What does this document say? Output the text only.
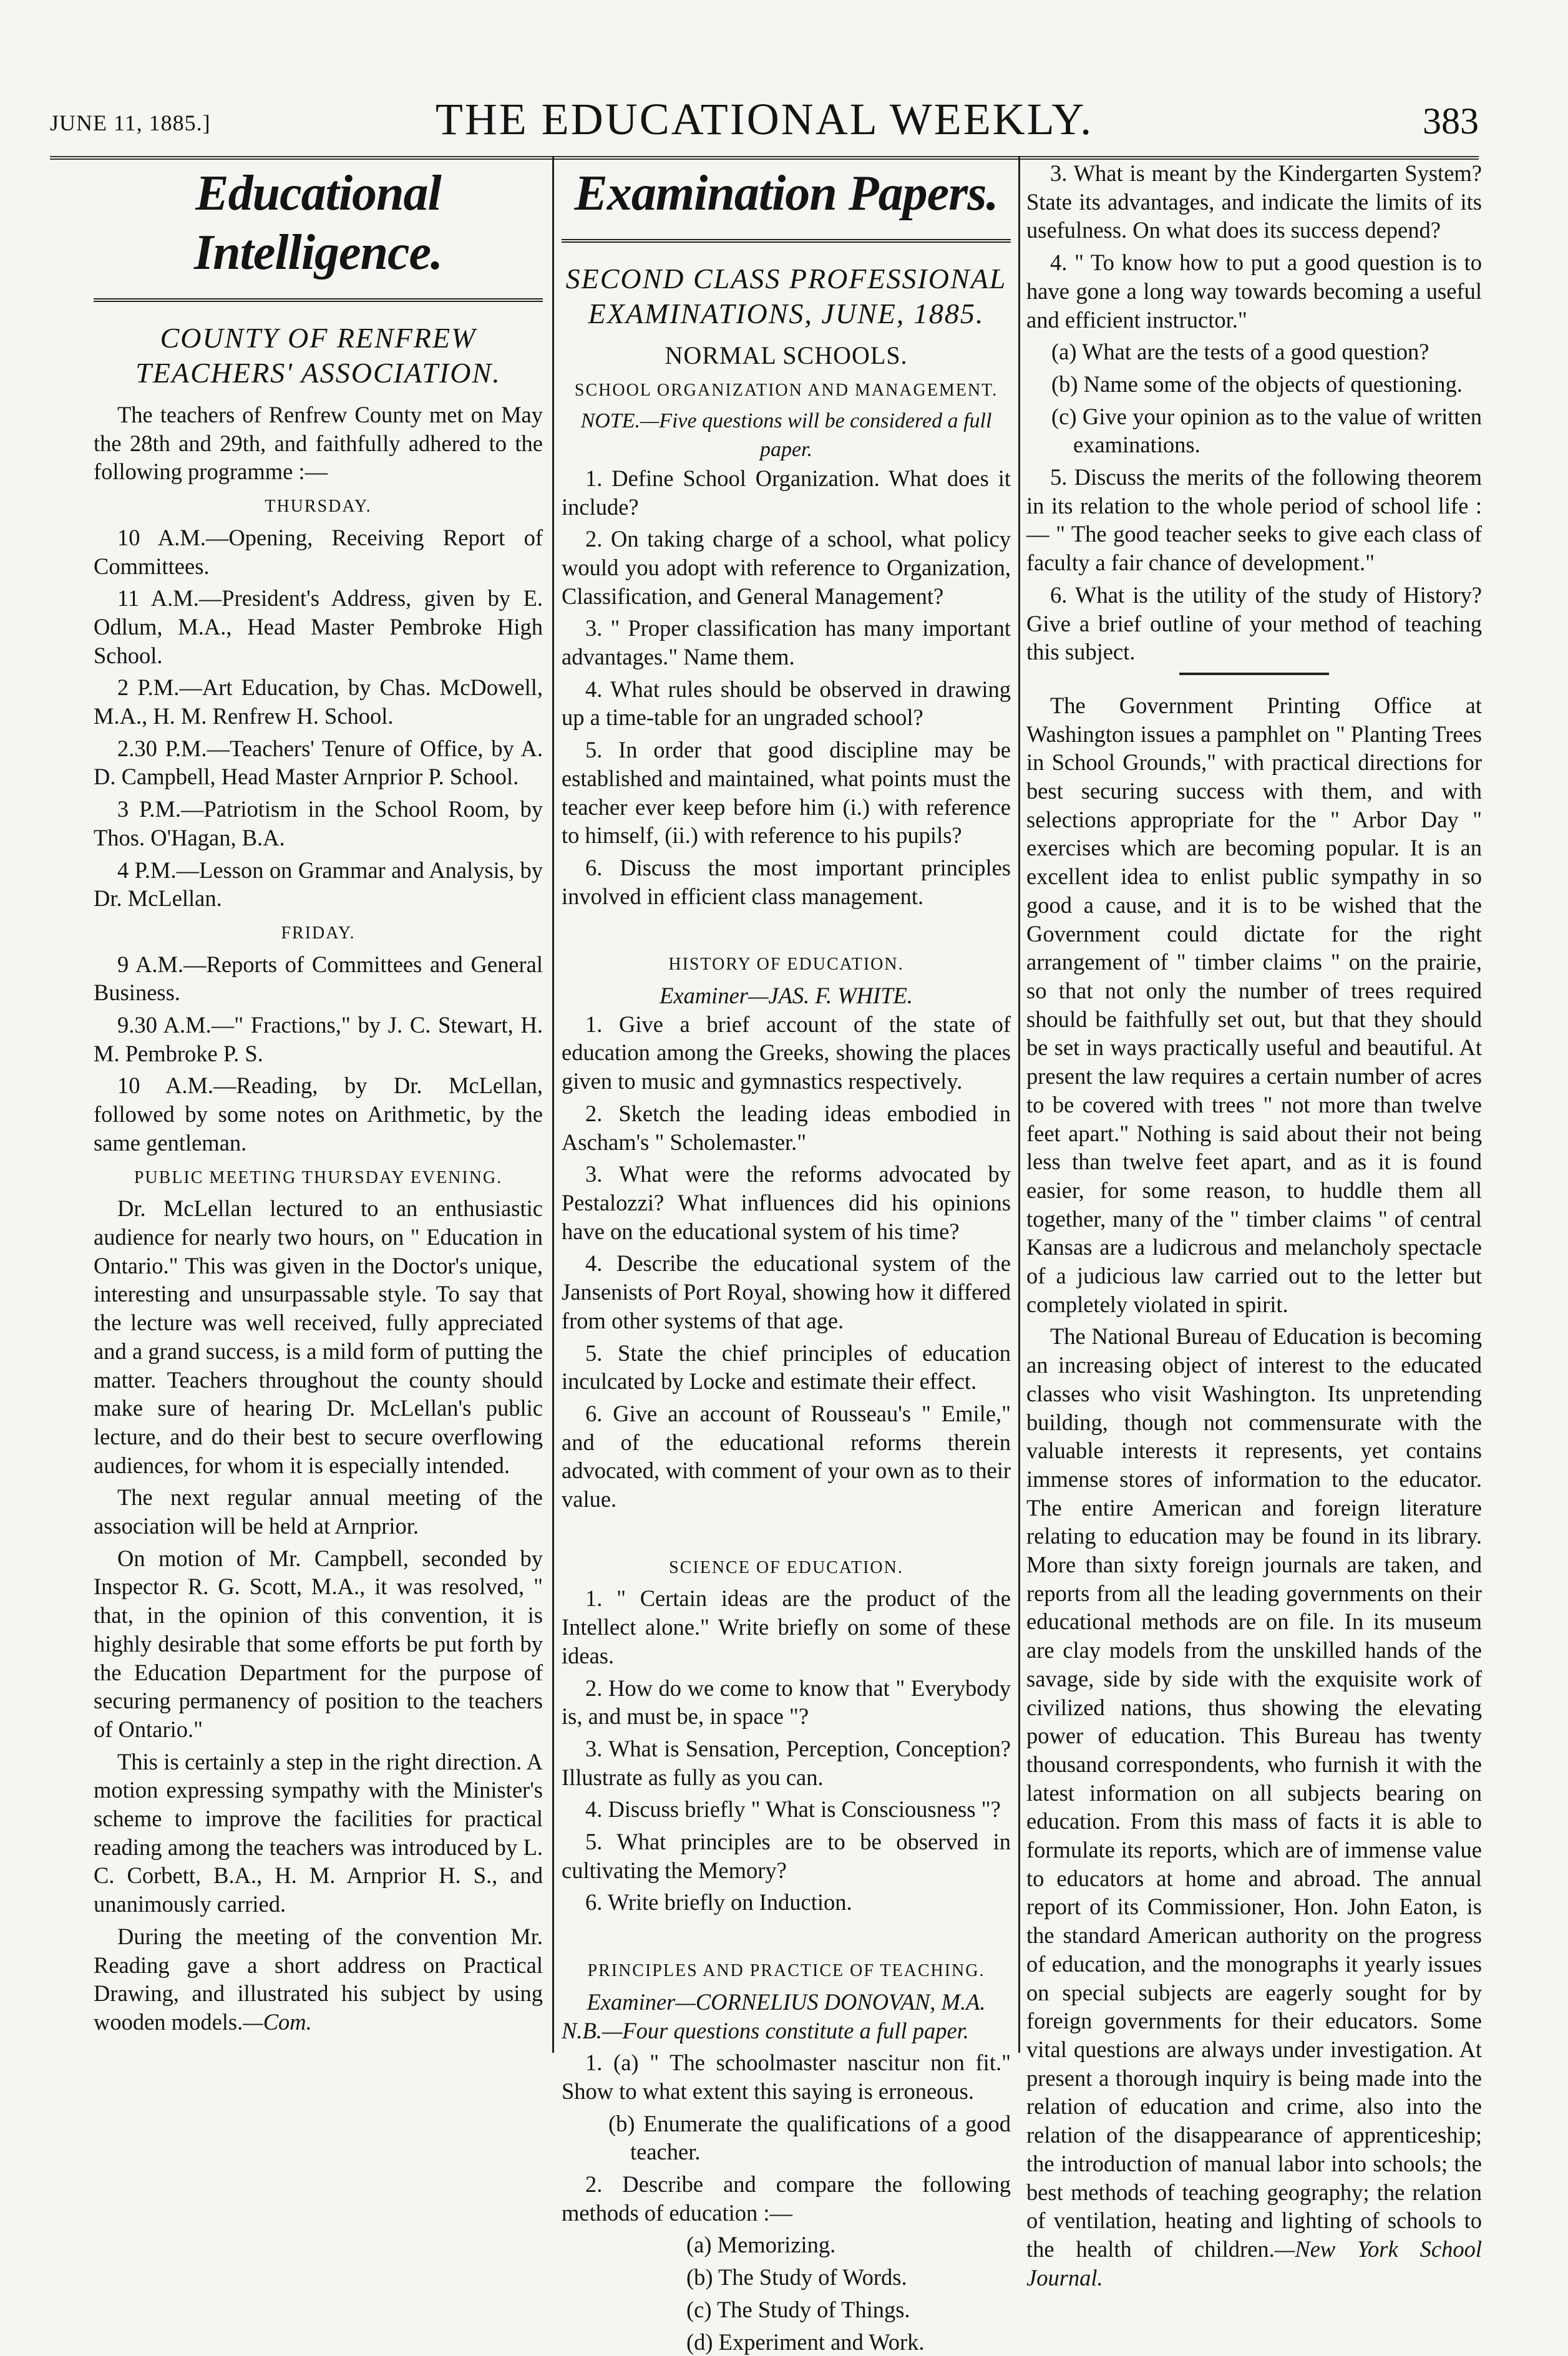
JUNE 11, 1885.]	THE EDUCATIONAL WEEKLY.	383
Educational Intelligence.
COUNTY OF RENFREW TEACHERS' ASSOCIATION.

The teachers of Renfrew County met on May the 28th and 29th, and faithfully adhered to the following programme :—

THURSDAY.

10 A.M.—Opening, Receiving Report of Committees.

11 A.M.—President's Address, given by E. Odlum, M.A., Head Master Pembroke High School.

2 P.M.—Art Education, by Chas. McDowell, M.A., H. M. Renfrew H. School.

2.30 P.M.—Teachers' Tenure of Office, by A. D. Campbell, Head Master Arnprior P. School.

3 P.M.—Patriotism in the School Room, by Thos. O'Hagan, B.A.

4 P.M.—Lesson on Grammar and Analysis, by Dr. McLellan.

FRIDAY.

9 A.M.—Reports of Committees and General Business.

9.30 A.M.—" Fractions," by J. C. Stewart, H. M. Pembroke P. S.

10 A.M.—Reading, by Dr. McLellan, followed by some notes on Arithmetic, by the same gentleman.

PUBLIC MEETING THURSDAY EVENING.

Dr. McLellan lectured to an enthusiastic audience for nearly two hours, on " Education in Ontario." This was given in the Doctor's unique, interesting and unsurpassable style. To say that the lecture was well received, fully appreciated and a grand success, is a mild form of putting the matter. Teachers throughout the county should make sure of hearing Dr. McLellan's public lecture, and do their best to secure overflowing audiences, for whom it is especially intended.

The next regular annual meeting of the association will be held at Arnprior.

On motion of Mr. Campbell, seconded by Inspector R. G. Scott, M.A., it was resolved, " that, in the opinion of this convention, it is highly desirable that some efforts be put forth by the Education Department for the purpose of securing permanency of position to the teachers of Ontario."

This is certainly a step in the right direction. A motion expressing sympathy with the Minister's scheme to improve the facilities for practical reading among the teachers was introduced by L. C. Corbett, B.A., H. M. Arnprior H. S., and unanimously carried.

During the meeting of the convention Mr. Reading gave a short address on Practical Drawing, and illustrated his subject by using wooden models.—Com.

Examination Papers.
SECOND CLASS PROFESSIONAL EXAMINATIONS, JUNE, 1885.
NORMAL SCHOOLS.
SCHOOL ORGANIZATION AND MANAGEMENT.
NOTE.—Five questions will be considered a full paper.

1. Define School Organization. What does it include?

2. On taking charge of a school, what policy would you adopt with reference to Organization, Classification, and General Management?

3. " Proper classification has many important advantages." Name them.

4. What rules should be observed in drawing up a time-table for an ungraded school?

5. In order that good discipline may be established and maintained, what points must the teacher ever keep before him (i.) with reference to himself, (ii.) with reference to his pupils?

6. Discuss the most important principles involved in efficient class management.

HISTORY OF EDUCATION.
Examiner—JAS. F. WHITE.

1. Give a brief account of the state of education among the Greeks, showing the places given to music and gymnastics respectively.

2. Sketch the leading ideas embodied in Ascham's " Scholemaster."

3. What were the reforms advocated by Pestalozzi? What influences did his opinions have on the educational system of his time?

4. Describe the educational system of the Jansenists of Port Royal, showing how it differed from other systems of that age.

5. State the chief principles of education inculcated by Locke and estimate their effect.

6. Give an account of Rousseau's " Emile," and of the educational reforms therein advocated, with comment of your own as to their value.

SCIENCE OF EDUCATION.

1. " Certain ideas are the product of the Intellect alone." Write briefly on some of these ideas.

2. How do we come to know that " Everybody is, and must be, in space "?

3. What is Sensation, Perception, Conception? Illustrate as fully as you can.

4. Discuss briefly " What is Consciousness "?

5. What principles are to be observed in cultivating the Memory?

6. Write briefly on Induction.

PRINCIPLES AND PRACTICE OF TEACHING.
Examiner—CORNELIUS DONOVAN, M.A.

N.B.—Four questions constitute a full paper.

1. (a) " The schoolmaster nascitur non fit." Show to what extent this saying is erroneous.

(b) Enumerate the qualifications of a good teacher.

2. Describe and compare the following methods of education :—

(a) Memorizing.

(b) The Study of Words.

(c) The Study of Things.

(d) Experiment and Work.

3. What is meant by the Kindergarten System? State its advantages, and indicate the limits of its usefulness. On what does its success depend?

4. " To know how to put a good question is to have gone a long way towards becoming a useful and efficient instructor."

(a) What are the tests of a good question?

(b) Name some of the objects of questioning.

(c) Give your opinion as to the value of written examinations.

5. Discuss the merits of the following theorem in its relation to the whole period of school life :— " The good teacher seeks to give each class of faculty a fair chance of development."

6. What is the utility of the study of History? Give a brief outline of your method of teaching this subject.

The Government Printing Office at Washington issues a pamphlet on " Planting Trees in School Grounds," with practical directions for best securing success with them, and with selections appropriate for the " Arbor Day " exercises which are becoming popular. It is an excellent idea to enlist public sympathy in so good a cause, and it is to be wished that the Government could dictate for the right arrangement of " timber claims " on the prairie, so that not only the number of trees required should be faithfully set out, but that they should be set in ways practically useful and beautiful. At present the law requires a certain number of acres to be covered with trees " not more than twelve feet apart." Nothing is said about their not being less than twelve feet apart, and as it is found easier, for some reason, to huddle them all together, many of the " timber claims " of central Kansas are a ludicrous and melancholy spectacle of a judicious law carried out to the letter but completely violated in spirit.

The National Bureau of Education is becoming an increasing object of interest to the educated classes who visit Washington. Its unpretending building, though not commensurate with the valuable interests it represents, yet contains immense stores of information to the educator. The entire American and foreign literature relating to education may be found in its library. More than sixty foreign journals are taken, and reports from all the leading governments on their educational methods are on file. In its museum are clay models from the unskilled hands of the savage, side by side with the exquisite work of civilized nations, thus showing the elevating power of education. This Bureau has twenty thousand correspondents, who furnish it with the latest information on all subjects bearing on education. From this mass of facts it is able to formulate its reports, which are of immense value to educators at home and abroad. The annual report of its Commissioner, Hon. John Eaton, is the standard American authority on the progress of education, and the monographs it yearly issues on special subjects are eagerly sought for by foreign governments for their educators. Some vital questions are always under investigation. At present a thorough inquiry is being made into the relation of education and crime, also into the relation of the disappearance of apprenticeship; the introduction of manual labor into schools; the best methods of teaching geography; the relation of ventilation, heating and lighting of schools to the health of children.—New York School Journal.
